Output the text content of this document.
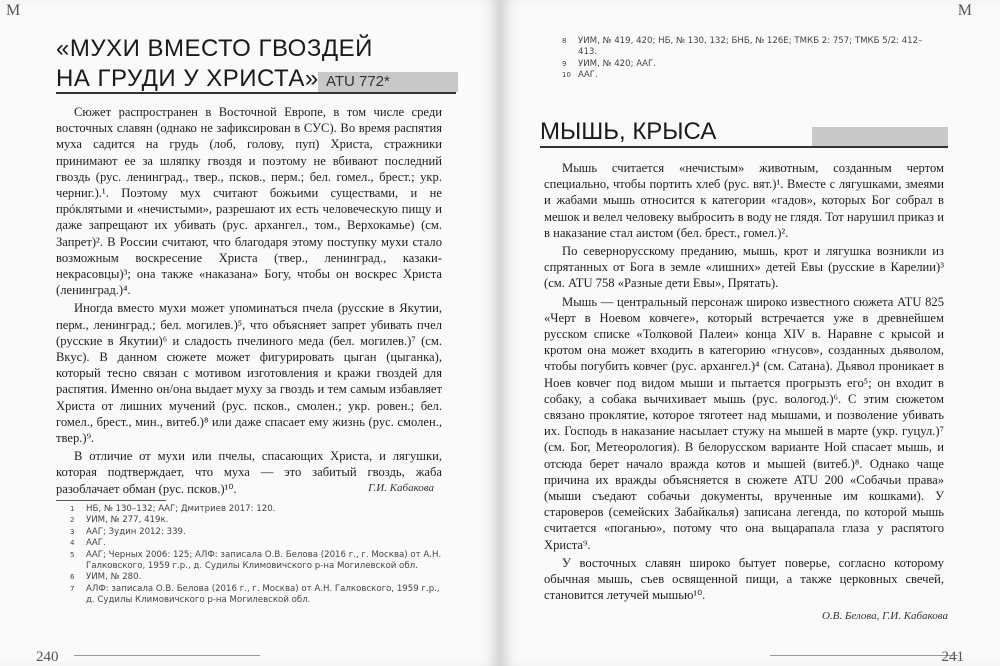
М
«МУХИ ВМЕСТО ГВОЗДЕЙ
НА ГРУДИ У ХРИСТА» ATU 772*

Сюжет распространен в Восточной Европе, в том числе среди восточных славян (однако не зафиксирован в СУС). Во время распятия муха садится на грудь (лоб, голову, пуп) Христа, стражники принимают ее за шляпку гвоздя и поэтому не вбивают последний гвоздь (рус. ленинград., твер., псков., перм.; бел. гомел., брест.; укр. черниг.).¹. Поэтому мух считают божьими существами, и не прóклятыми и «нечистыми», разрешают их есть человеческую пищу и даже запрещают их убивать (рус. архангел., том., Верхокамье) (см. Запрет)². В России считают, что благодаря этому поступку мухи стало возможным воскресение Христа (твер., ленинград., казаки-некрасовцы)³; она также «наказана» Богу, чтобы он воскрес Христа (ленинград.)⁴.

Иногда вместо мухи может упоминаться пчела (русские в Якутии, перм., ленинград.; бел. могилев.)⁵, что объясняет запрет убивать пчел (русские в Якутии)⁶ и сладость пчелиного меда (бел. могилев.)⁷ (см. Вкус). В данном сюжете может фигурировать цыган (цыганка), который тесно связан с мотивом изготовления и кражи гвоздей для распятия. Именно он/она выдает муху за гвоздь и тем самым избавляет Христа от лишних мучений (рус. псков., смолен.; укр. ровен.; бел. гомел., брест., мин., витеб.)⁸ или даже спасает ему жизнь (рус. смолен., твер.)⁹.

В отличие от мухи или пчелы, спасающих Христа, и лягушки, которая подтверждает, что муха — это забитый гвоздь, жаба разоблачает обман (рус. псков.)¹⁰.	Г.И. Кабакова
1	НБ, № 130–132; ААГ; Дмитриев 2017: 120.
2	УИМ, № 277, 419к.
3	ААГ; Зудин 2012: 339.
4	ААГ.
5	ААГ; Черных 2006: 125; АЛФ: записала О.В. Белова (2016 г., г. Москва) от А.Н. Галковского, 1959 г.р., д. Судилы Климовичского р-на Могилевской обл.
6	УИМ, № 280.
7	АЛФ: записала О.В. Белова (2016 г., г. Москва) от А.Н. Галковского, 1959 г.р., д. Судилы Климовичского р-на Могилевской обл.
240
М
8	УИМ, № 419, 420; НБ, № 130, 132; БНБ, № 126Е; ТМКБ 2: 757; ТМКБ 5/2: 412–413.
9	УИМ, № 420; ААГ.
10 ААГ.
МЫШЬ, КРЫСА

Мышь считается «нечистым» животным, созданным чертом специально, чтобы портить хлеб (рус. вят.)¹. Вместе с лягушками, змеями и жабами мышь относится к категории «гадов», которых Бог собрал в мешок и велел человеку выбросить в воду не глядя. Тот нарушил приказ и в наказание стал аистом (бел. брест., гомел.)².

По севернорусскому преданию, мышь, крот и лягушка возникли из спрятанных от Бога в земле «лишних» детей Евы (русские в Карелии)³ (см. ATU 758 «Разные дети Евы», Прятать).

Мышь — центральный персонаж широко известного сюжета ATU 825 «Черт в Ноевом ковчеге», который встречается уже в древнейшем русском списке «Толковой Палеи» конца XIV в. Наравне с крысой и кротом она может входить в категорию «гнусов», созданных дьяволом, чтобы погубить ковчег (рус. архангел.)⁴ (см. Сатана). Дьявол проникает в Ноев ковчег под видом мыши и пытается прогрызть его⁵; он входит в собаку, а собака вычихивает мышь (рус. вологод.)⁶. С этим сюжетом связано проклятие, которое тяготеет над мышами, и позволение убивать их. Господь в наказание насылает стужу на мышей в марте (укр. гуцул.)⁷ (см. Бог, Метеорология). В белорусском варианте Ной спасает мышь, и отсюда берет начало вражда котов и мышей (витеб.)⁸. Однако чаще причина их вражды объясняется в сюжете ATU 200 «Собачьи права» (мыши съедают собачьи документы, врученные им кошками). У староверов (семейских Забайкалья) записана легенда, по которой мышь считается «поганью», потому что она выцарапала глаза у распятого Христа⁹.

У восточных славян широко бытует поверье, согласно которому обычная мышь, съев освященной пищи, а также церковных свечей, становится летучей мышью¹⁰.

О.В. Белова, Г.И. Кабакова
241
